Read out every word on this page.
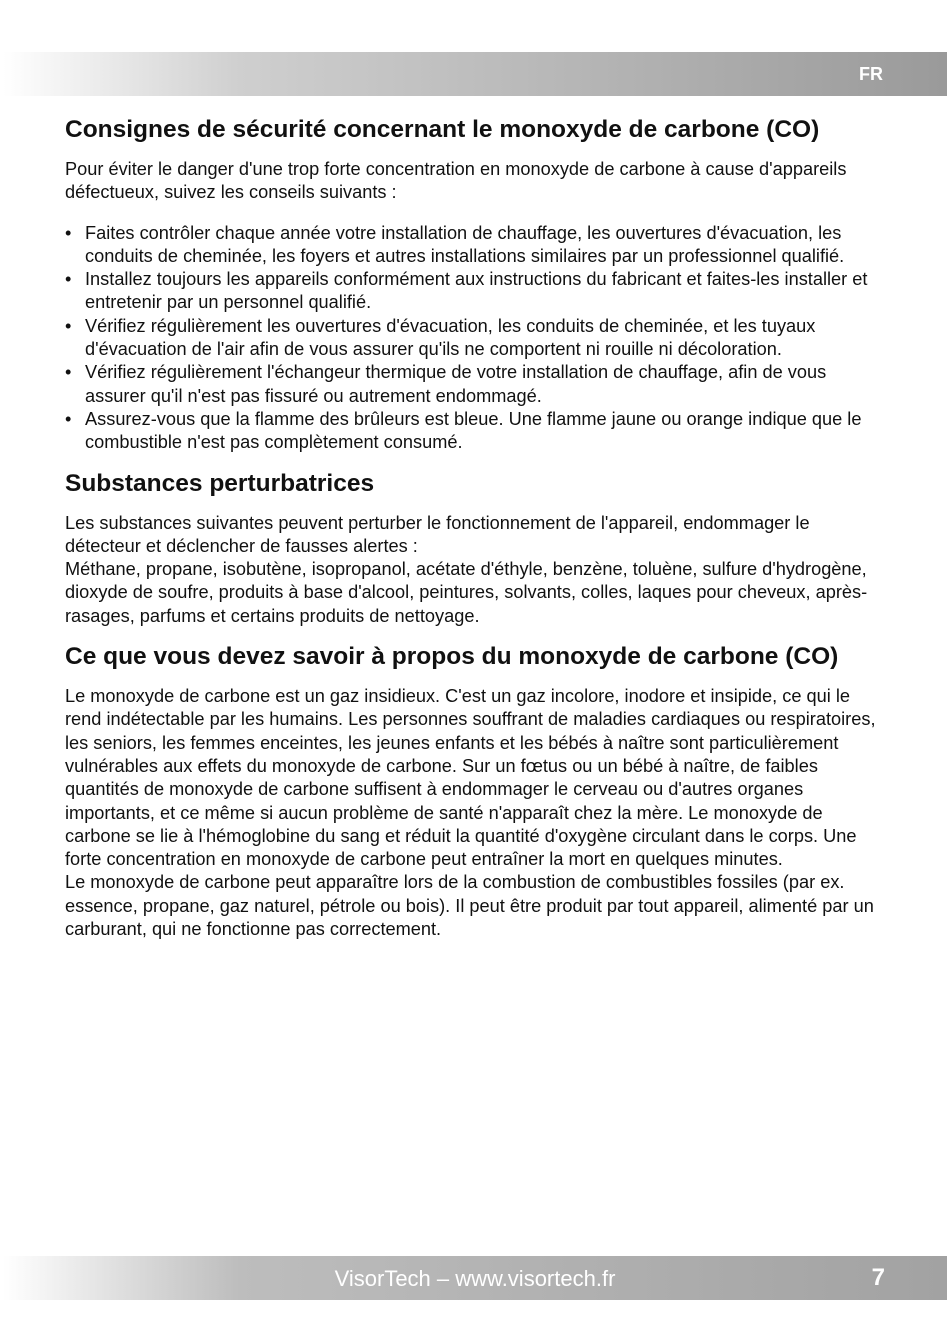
FR
Consignes de sécurité concernant le monoxyde de carbone (CO)

Pour éviter le danger d'une trop forte concentration en monoxyde de carbone à cause d'appareils défectueux, suivez les conseils suivants :

• Faites contrôler chaque année votre installation de chauffage, les ouvertures d'évacuation, les conduits de cheminée, les foyers et autres installations similaires par un professionnel qualifié.
• Installez toujours les appareils conformément aux instructions du fabricant et faites-les installer et entretenir par un personnel qualifié.
• Vérifiez régulièrement les ouvertures d'évacuation, les conduits de cheminée, et les tuyaux d'évacuation de l'air afin de vous assurer qu'ils ne comportent ni rouille ni décoloration.
• Vérifiez régulièrement l'échangeur thermique de votre installation de chauffage, afin de vous assurer qu'il n'est pas fissuré ou autrement endommagé.
• Assurez-vous que la flamme des brûleurs est bleue. Une flamme jaune ou orange indique que le combustible n'est pas complètement consumé.
Substances perturbatrices

Les substances suivantes peuvent perturber le fonctionnement de l'appareil, endommager le détecteur et déclencher de fausses alertes :

Méthane, propane, isobutène, isopropanol, acétate d'éthyle, benzène, toluène, sulfure d'hydrogène, dioxyde de soufre, produits à base d'alcool, peintures, solvants, colles, laques pour cheveux, après-rasages, parfums et certains produits de nettoyage.

Ce que vous devez savoir à propos du monoxyde de carbone (CO)

Le monoxyde de carbone est un gaz insidieux. C'est un gaz incolore, inodore et insipide, ce qui le rend indétectable par les humains. Les personnes souffrant de maladies cardiaques ou respiratoires, les seniors, les femmes enceintes, les jeunes enfants et les bébés à naître sont particulièrement vulnérables aux effets du monoxyde de carbone. Sur un fœtus ou un bébé à naître, de faibles quantités de monoxyde de carbone suffisent à endommager le cerveau ou d'autres organes importants, et ce même si aucun problème de santé n'apparaît chez la mère. Le monoxyde de carbone se lie à l'hémoglobine du sang et réduit la quantité d'oxygène circulant dans le corps. Une forte concentration en monoxyde de carbone peut entraîner la mort en quelques minutes.

Le monoxyde de carbone peut apparaître lors de la combustion de combustibles fossiles (par ex. essence, propane, gaz naturel, pétrole ou bois). Il peut être produit par tout appareil, alimenté par un carburant, qui ne fonctionne pas correctement.

VisorTech – www.visortech.fr	7
